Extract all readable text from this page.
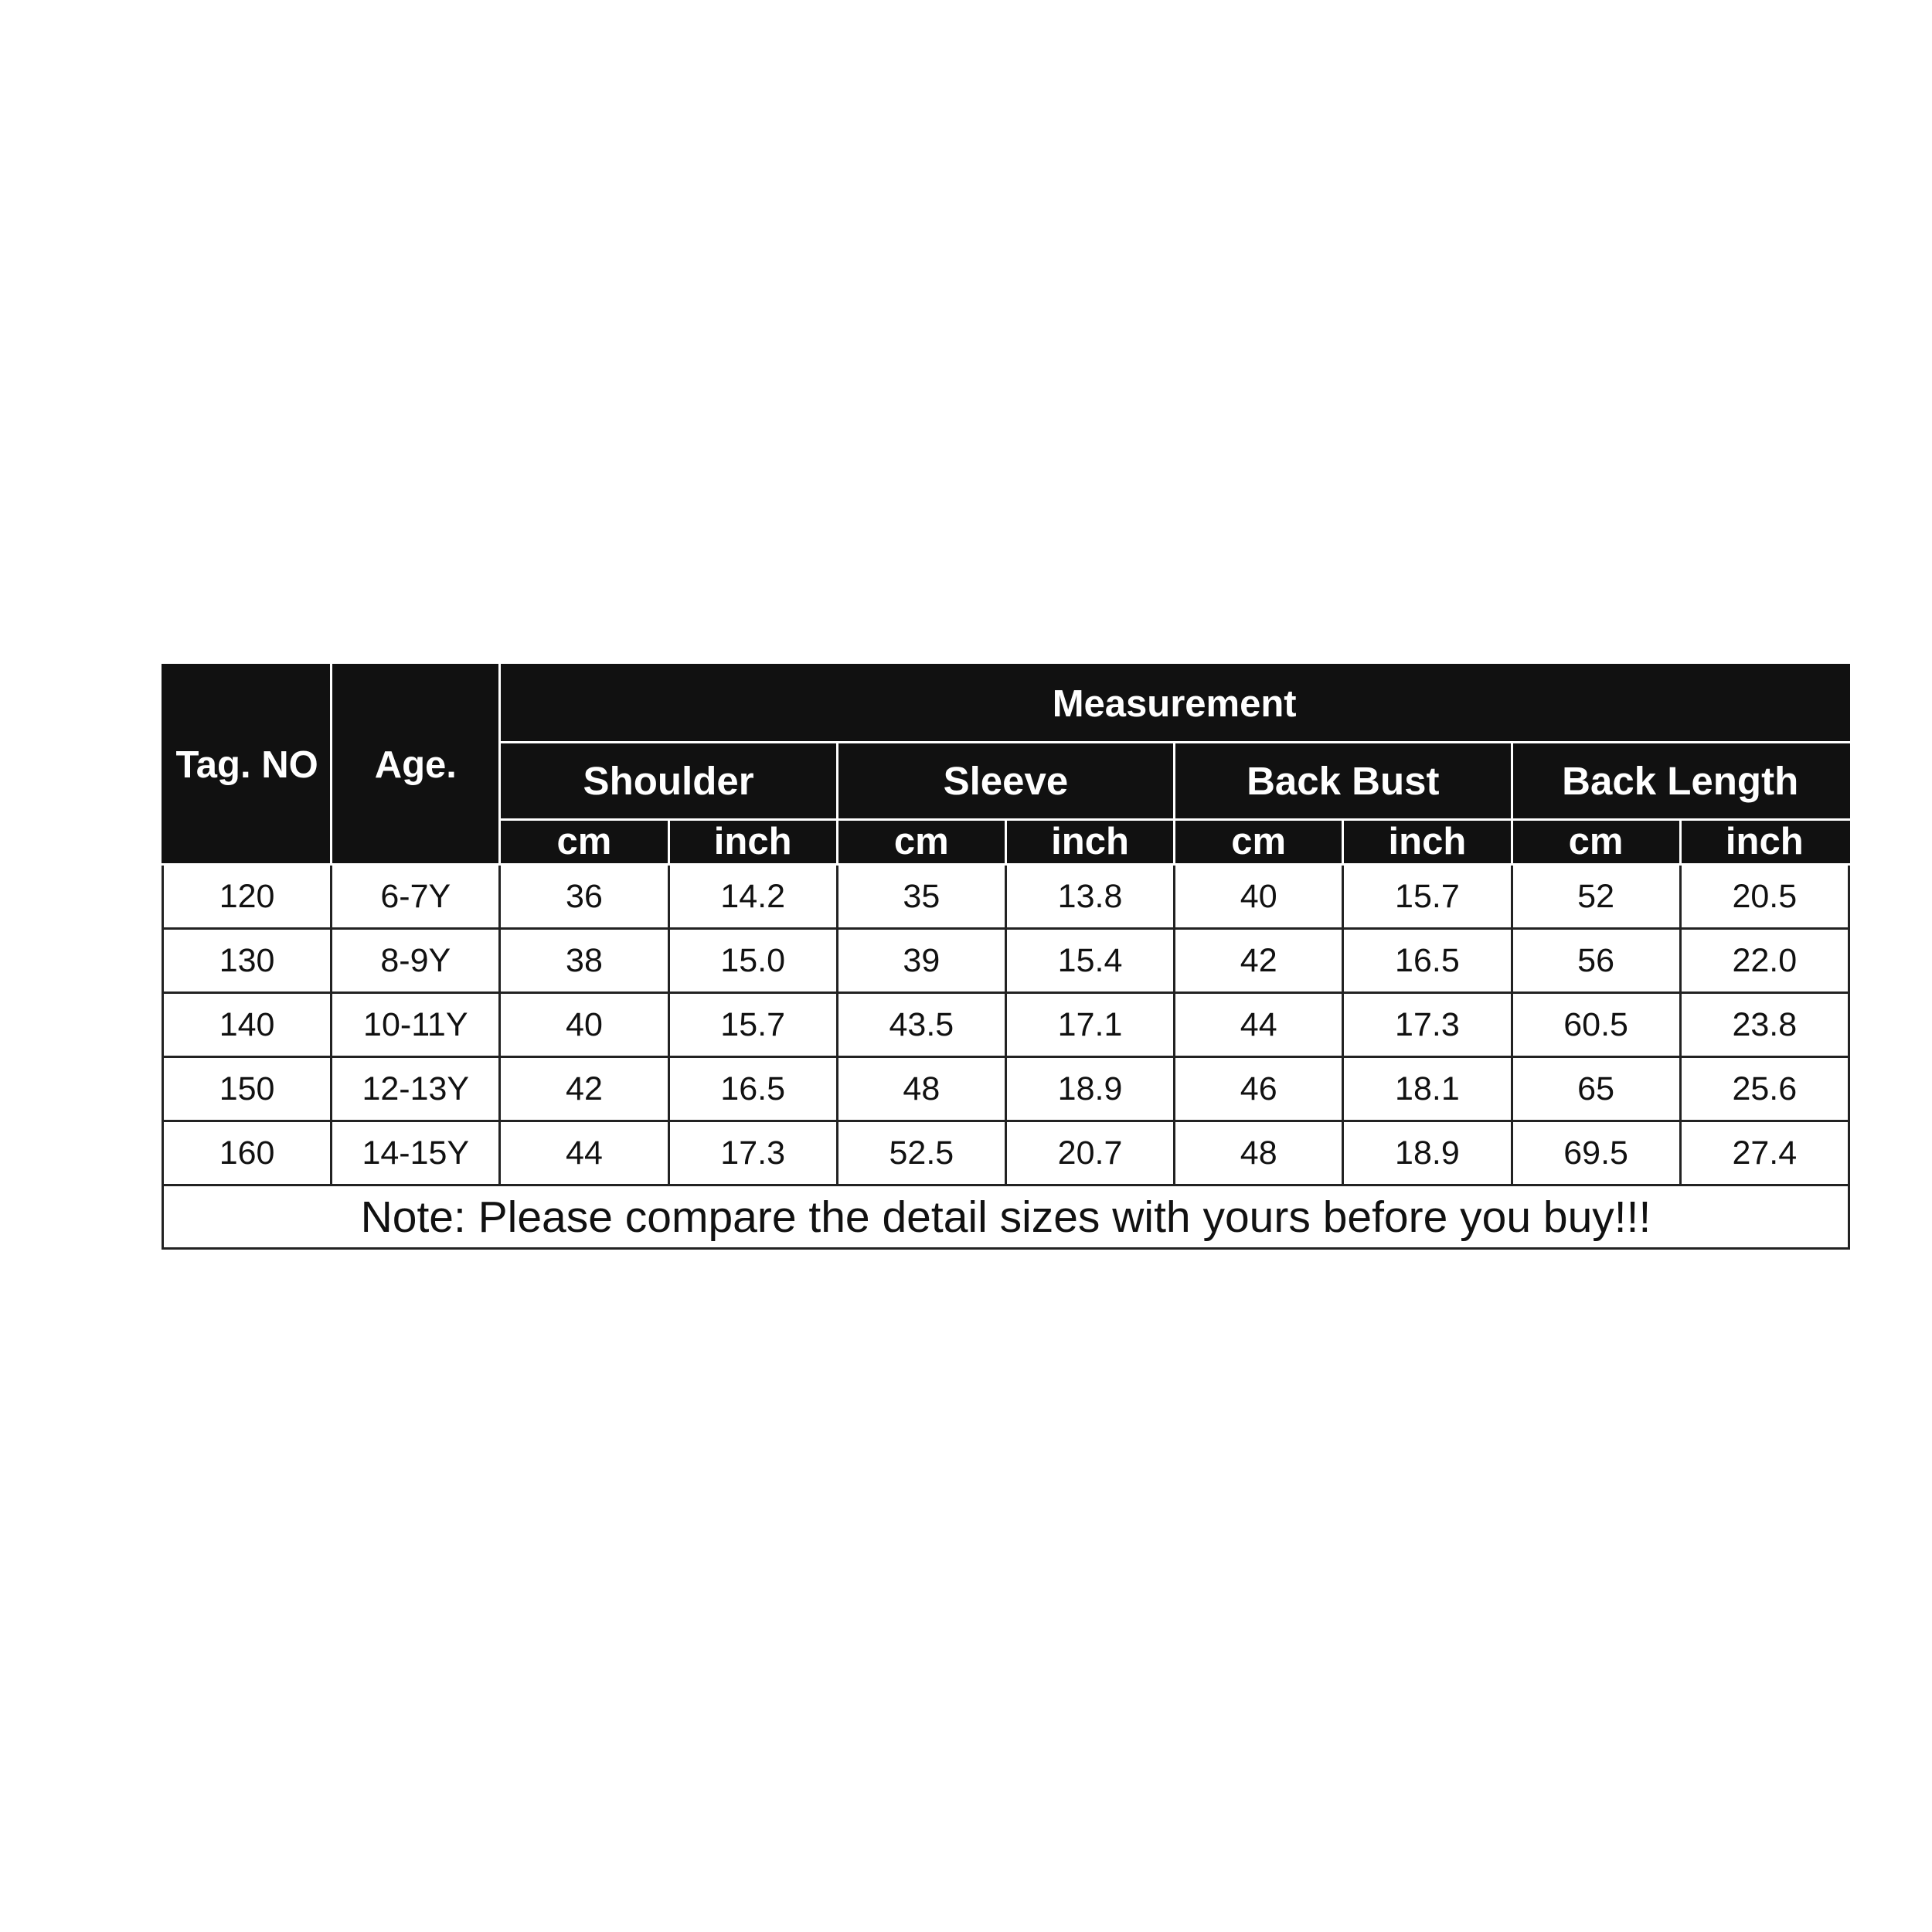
Tag. NO	Age.	Measurement							
		Shoulder		Sleeve		Back Bust		Back Length	
		cm	inch	cm	inch	cm	inch	cm	inch
120	6-7Y	36	14.2	35	13.8	40	15.7	52	20.5
130	8-9Y	38	15.0	39	15.4	42	16.5	56	22.0
140	10-11Y	40	15.7	43.5	17.1	44	17.3	60.5	23.8
150	12-13Y	42	16.5	48	18.9	46	18.1	65	25.6
160	14-15Y	44	17.3	52.5	20.7	48	18.9	69.5	27.4
Note: Please compare the detail sizes with yours before you buy!!!									
